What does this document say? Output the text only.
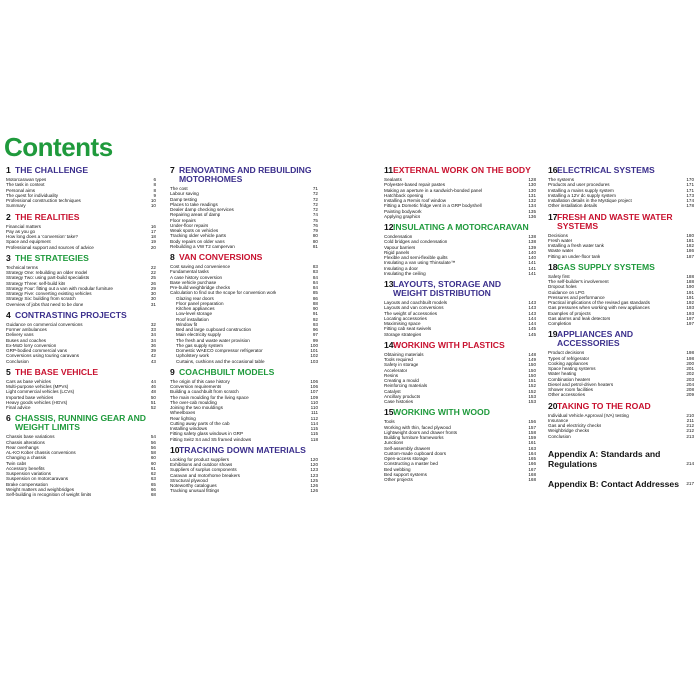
Contents
1 THE CHALLENGE
Motorcaravan types	6
The task in context	8
Personal aims	8
The quest for individuality	9
Professional construction techniques	10
Summary	10
2 THE REALITIES
Financial matters	16
Pay as you go	17
How long does a 'conversion' take?	18
Space and equipment	19
Professional support and sources of advice	20
3 THE STRATEGIES
Technical terms	22
Strategy One: rebuilding an older model	22
Strategy Two: using part-build specialists	25
Strategy Three: self-build kits	26
Strategy Four: fitting out a van with modular furniture	29
Strategy Five: converting existing vehicles	30
Strategy Six: building from scratch	30
Overview of jobs that need to be done	31
4 CONTRASTING PROJECTS
Guidance on commercial conversions	32
Former ambulances	33
Delivery vans	34
Buses and coaches	34
Ex-MoD lorry conversion	36
GRP-bodied commercial vans	39
Conversions using touring caravans	42
Conclusion	43
5 THE BASE VEHICLE
Cars as base vehicles	44
Multi-purpose vehicles (MPVs)	46
Light commercial vehicles (LCVs)	48
Imported base vehicles	50
Heavy goods vehicles (HGVs)	51
Final advice	52
6 CHASSIS, RUNNING GEAR AND WEIGHT LIMITS
Chassis base variations	54
Chassis alterations	56
Rear overhangs	56
AL-KO Kober chassis conversions	58
Changing a chassis	60
Twin cabs	60
Accessory benefits	61
Suspension variations	62
Suspension on motorcaravans	63
Brake compensation	65
Weight matters and weighbridges	66
Self-building in recognition of weight limits	68
7 RENOVATING AND REBUILDING MOTORHOMES
The cost	71
Labour saving	72
Damp testing	72
Places to take readings	72
Dealer damp checking services	72
Repairing areas of damp	74
Floor repairs	75
Under-floor repairs	76
Weak spots on vehicles	79
Tracking older vehicle parts	80
Body repairs on older vans	80
Rebuilding a VW T2 campervan	81
8 VAN CONVERSIONS
Cost saving and convenience	83
Fundamental tasks	83
A case history conversion	84
Base vehicle purchase	84
Pre-build weighbridge checks	84
Calculation to find out the scope for conversion work	85
Glazing rear doors	86
Floor panel preparation	88
Kitchen appliances	90
Low-level storage	91
Roof installation	92
Window fit	93
Bed and large cupboard construction	96
Main electricity supply	97
The fresh and waste water provision	99
The gas supply system	100
Domestic WAECO compressor refrigerator	101
Upholstery work	102
Curtains, cushions and the occasional table	103
9 COACHBUILT MODELS
The origin of this case history	106
Conversion requirements	106
Building a coachbuilt from scratch	107
The main moulding for the living space	109
The over-cab moulding	110
Joining the two mouldings	110
Wheelboxes	111
Rear lighting	112
Cutting away parts of the cab	114
Installing windows	115
Fitting safety glass windows in GRP	115
Fitting Seitz S4 and S5 framed windows	118
10 TRACKING DOWN MATERIALS
Looking for product suppliers	120
Exhibitions and outdoor shows	120
Suppliers of surplus components	123
Caravan and motorhome breakers	123
Structural plywood	125
Noteworthy catalogues	126
Tracking unusual fittings	126
11 EXTERNAL WORK ON THE BODY
Sealants	128
Polyester-based repair pastes	130
Making an aperture in a sandwich-bonded panel	130
Hatchback opening	131
Installing a Remis roof window	132
Fitting a Dometic fridge vent in a GRP bodyshell	134
Painting bodywork	135
Applying graphics	136
12 INSULATING A MOTORCARAVAN
Condensation	138
Cold bridges and condensation	138
Vapour barriers	139
Rigid panels	140
Flexible and semi-flexible quilts	140
Insulating a van using Thinsulate™	141
Insulating a door	141
Insulating the ceiling	141
13 LAYOUTS, STORAGE AND WEIGHT DISTRIBUTION
Layouts and coachbuilt models	143
Layouts and van conversions	143
The weight of accessories	143
Locating accessories	144
Maximising space	144
Fitting cab seat swivels	145
Storage strategies	145
14 WORKING WITH PLASTICS
Obtaining materials	148
Tools required	149
Safety in storage	150
Accelerator	150
Resins	150
Creating a mould	151
Reinforcing materials	152
Catalyst	152
Ancillary products	153
Case histories	153
15 WORKING WITH WOOD
Tools	156
Working with thin, faced plywood	157
Lightweight doors and drawer fronts	158
Building furniture frameworks	159
Junctions	161
Self-assembly drawers	163
Custom-made cupboard doors	164
Open-access storage	165
Constructing a master bed	166
Bed webbing	167
Bed support systems	168
Other projects	168
16 ELECTRICAL SYSTEMS
The systems	170
Products and user procedures	171
Installing a mains supply system	171
Installing a 12V dc supply system	173
Installation details in the Mystique project	174
Other installation details	178
17 FRESH AND WASTE WATER SYSTEMS
Decisions	180
Fresh water	181
Installing a fresh water tank	182
Waste water	186
Fitting an under-floor tank	187
18 GAS SUPPLY SYSTEMS
Safety first	188
The self-builder's involvement	188
Dropout holes	190
Guidance on LPG	191
Pressures and performance	191
Practical implications of the revised gas standards	192
Gas pressures when working with new appliances	193
Examples of projects	193
Gas alarms and leak detectors	197
Completion	197
19 APPLIANCES AND ACCESSORIES
Product decisions	198
Types of refrigerator	198
Cooking appliances	200
Space heating systems	201
Water heating	202
Combination heaters	203
Diesel and petrol-driven heaters	204
Shower room facilities	208
Other accessories	209
20 TAKING TO THE ROAD
Individual Vehicle Approval (IVA) testing	210
Insurance	211
Gas and electricity checks	212
Weighbridge checks	212
Conclusion	213
Appendix A: Standards and Regulations	214
Appendix B: Contact Addresses	217
